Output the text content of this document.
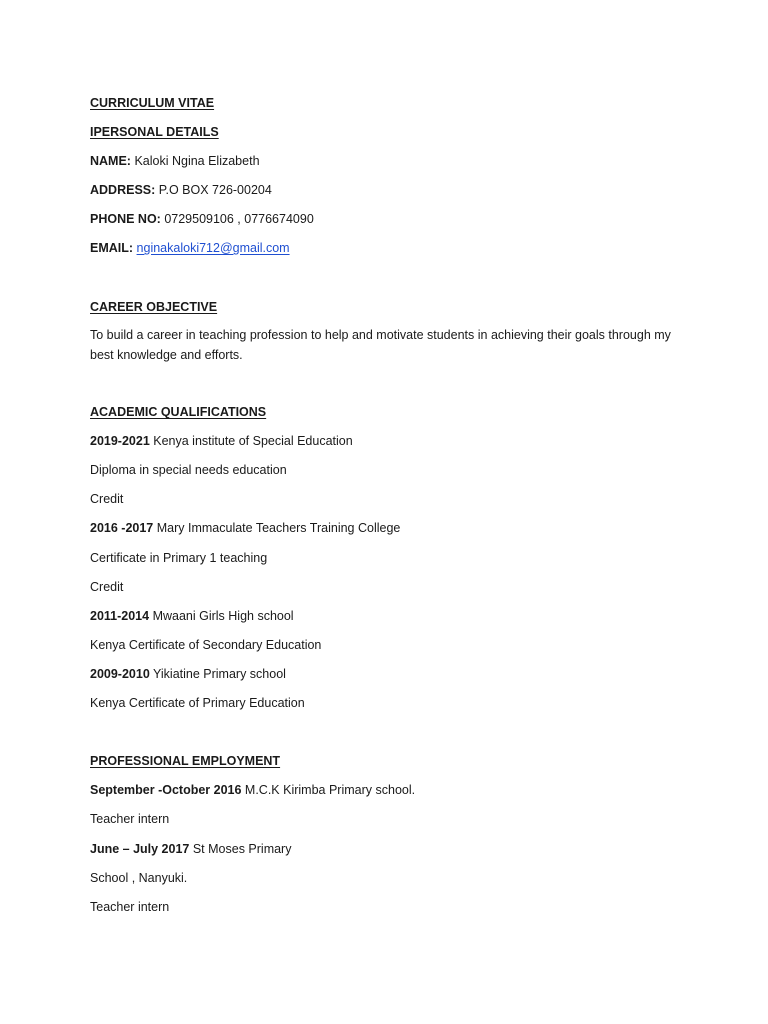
CURRICULUM VITAE
IPERSONAL DETAILS
NAME: Kaloki Ngina Elizabeth
ADDRESS: P.O BOX 726-00204
PHONE NO: 0729509106 , 0776674090
EMAIL: nginakaloki712@gmail.com
CAREER OBJECTIVE
To build a career in teaching profession to help and motivate students in achieving their goals through my best knowledge and efforts.
ACADEMIC QUALIFICATIONS
2019-2021 Kenya institute of Special Education
Diploma in special needs education
Credit
2016 -2017 Mary Immaculate Teachers Training College
Certificate in Primary 1 teaching
Credit
2011-2014 Mwaani Girls High school
Kenya Certificate of Secondary Education
2009-2010 Yikiatine Primary school
Kenya Certificate of Primary Education
PROFESSIONAL EMPLOYMENT
September -October 2016 M.C.K Kirimba Primary school.
Teacher intern
June – July 2017 St Moses Primary
School , Nanyuki.
Teacher intern
